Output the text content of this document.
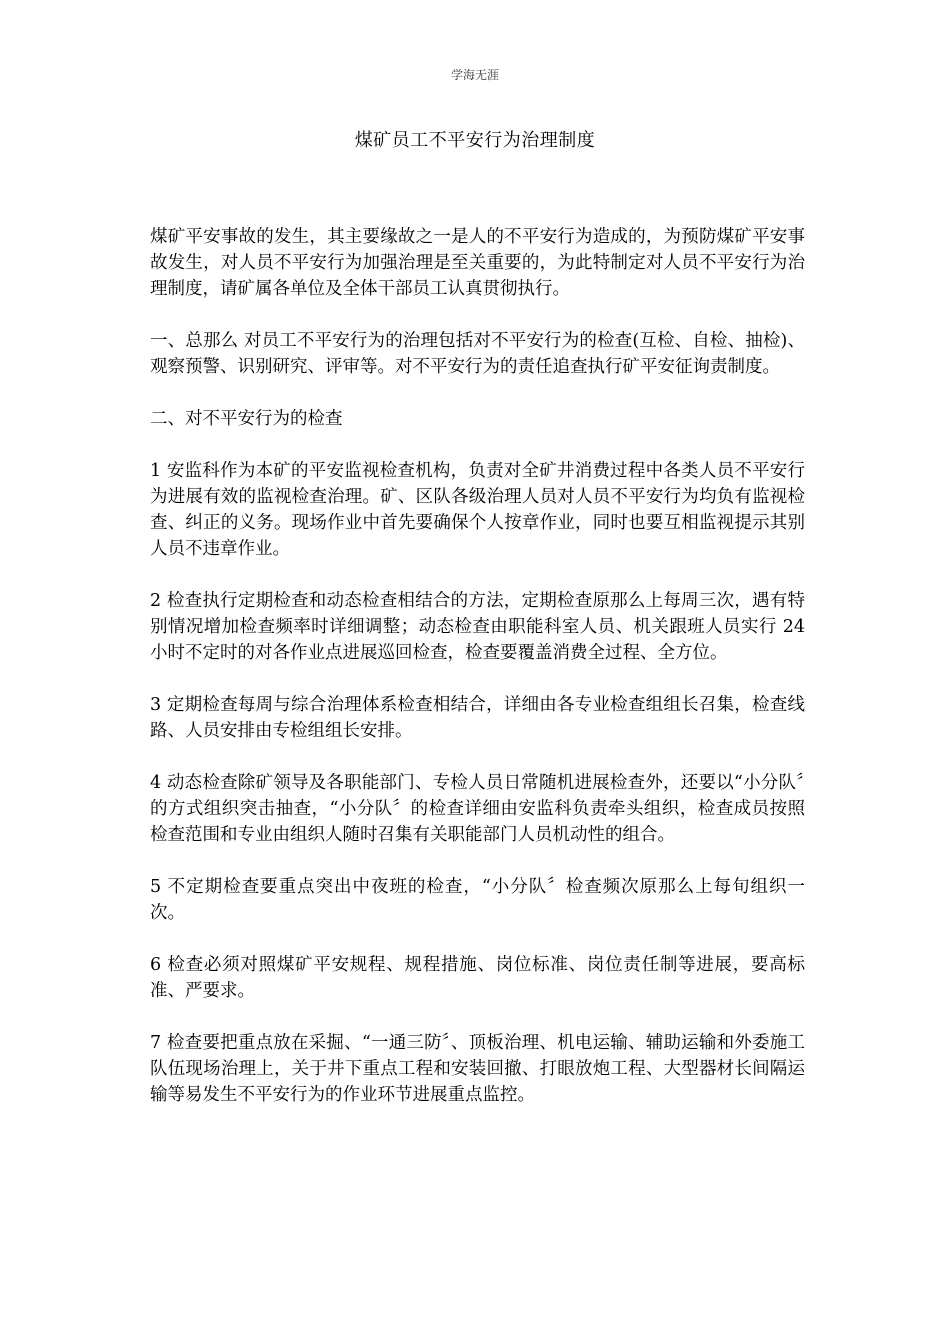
学海无涯
煤矿员工不平安行为治理制度

煤矿平安事故的发生，其主要缘故之一是人的不平安行为造成的，为预防煤矿平安事故发生，对人员不平安行为加强治理是至关重要的，为此特制定对人员不平安行为治理制度，请矿属各单位及全体干部员工认真贯彻执行。

一、总那么 对员工不平安行为的治理包括对不平安行为的检查(互检、自检、抽检)、观察预警、识别研究、评审等。对不平安行为的责任追查执行矿平安征询责制度。

二、对不平安行为的检查

1 安监科作为本矿的平安监视检查机构，负责对全矿井消费过程中各类人员不平安行为进展有效的监视检查治理。矿、区队各级治理人员对人员不平安行为均负有监视检查、纠正的义务。现场作业中首先要确保个人按章作业，同时也要互相监视提示其别人员不违章作业。

2 检查执行定期检查和动态检查相结合的方法，定期检查原那么上每周三次，遇有特别情况增加检查频率时详细调整；动态检查由职能科室人员、机关跟班人员实行 24 小时不定时的对各作业点进展巡回检查，检查要覆盖消费全过程、全方位。

3 定期检查每周与综合治理体系检查相结合，详细由各专业检查组组长召集，检查线路、人员安排由专检组组长安排。

4 动态检查除矿领导及各职能部门、专检人员日常随机进展检查外，还要以“小分队〞的方式组织突击抽查，“小分队〞的检查详细由安监科负责牵头组织，检查成员按照检查范围和专业由组织人随时召集有关职能部门人员机动性的组合。

5 不定期检查要重点突出中夜班的检查，“小分队〞检查频次原那么上每旬组织一次。

6 检查必须对照煤矿平安规程、规程措施、岗位标准、岗位责任制等进展，要高标准、严要求。

7 检查要把重点放在采掘、“一通三防〞、顶板治理、机电运输、辅助运输和外委施工队伍现场治理上，关于井下重点工程和安装回撤、打眼放炮工程、大型器材长间隔运输等易发生不平安行为的作业环节进展重点监控。
